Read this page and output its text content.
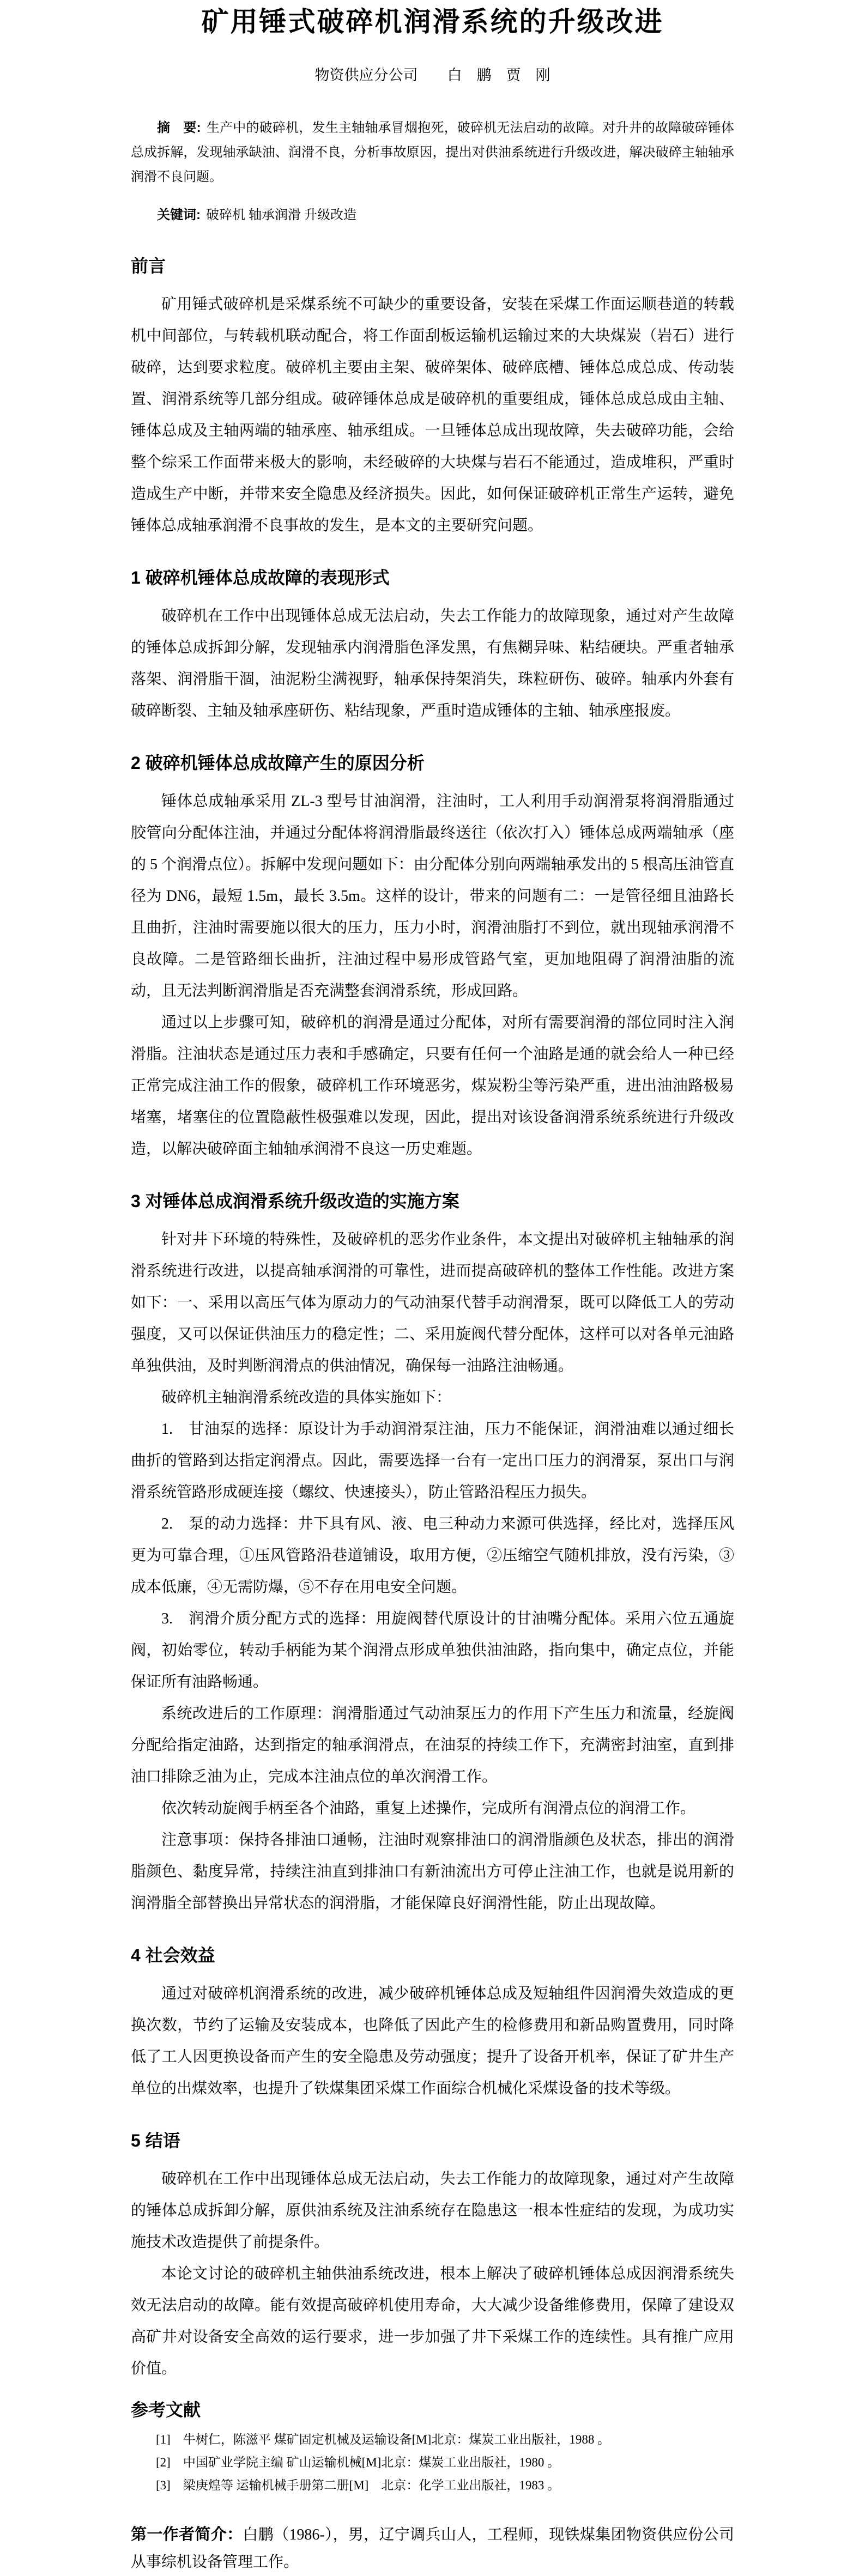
矿用锤式破碎机润滑系统的升级改进
物资供应分公司　　白　鹏　贾　刚

摘　要: 生产中的破碎机，发生主轴轴承冒烟抱死，破碎机无法启动的故障。对升井的故障破碎锤体总成拆解，发现轴承缺油、润滑不良，分析事故原因，提出对供油系统进行升级改进，解决破碎主轴轴承润滑不良问题。

关键词: 破碎机 轴承润滑 升级改造

前言

矿用锤式破碎机是采煤系统不可缺少的重要设备，安装在采煤工作面运顺巷道的转载机中间部位，与转载机联动配合，将工作面刮板运输机运输过来的大块煤炭（岩石）进行破碎，达到要求粒度。破碎机主要由主架、破碎架体、破碎底槽、锤体总成总成、传动装置、润滑系统等几部分组成。破碎锤体总成是破碎机的重要组成，锤体总成总成由主轴、锤体总成及主轴两端的轴承座、轴承组成。一旦锤体总成出现故障，失去破碎功能，会给整个综采工作面带来极大的影响，未经破碎的大块煤与岩石不能通过，造成堆积，严重时造成生产中断，并带来安全隐患及经济损失。因此，如何保证破碎机正常生产运转，避免锤体总成轴承润滑不良事故的发生，是本文的主要研究问题。

1 破碎机锤体总成故障的表现形式

破碎机在工作中出现锤体总成无法启动，失去工作能力的故障现象，通过对产生故障的锤体总成拆卸分解，发现轴承内润滑脂色泽发黑，有焦糊异味、粘结硬块。严重者轴承落架、润滑脂干涸，油泥粉尘满视野，轴承保持架消失，珠粒研伤、破碎。轴承内外套有破碎断裂、主轴及轴承座研伤、粘结现象，严重时造成锤体的主轴、轴承座报废。

2 破碎机锤体总成故障产生的原因分析

锤体总成轴承采用 ZL-3 型号甘油润滑，注油时，工人利用手动润滑泵将润滑脂通过胶管向分配体注油，并通过分配体将润滑脂最终送往（依次打入）锤体总成两端轴承（座的 5 个润滑点位）。拆解中发现问题如下：由分配体分别向两端轴承发出的 5 根高压油管直径为 DN6，最短 1.5m，最长 3.5m。这样的设计，带来的问题有二：一是管径细且油路长且曲折，注油时需要施以很大的压力，压力小时，润滑油脂打不到位，就出现轴承润滑不良故障。二是管路细长曲折，注油过程中易形成管路气室，更加地阻碍了润滑油脂的流动，且无法判断润滑脂是否充满整套润滑系统，形成回路。

通过以上步骤可知，破碎机的润滑是通过分配体，对所有需要润滑的部位同时注入润滑脂。注油状态是通过压力表和手感确定，只要有任何一个油路是通的就会给人一种已经正常完成注油工作的假象，破碎机工作环境恶劣，煤炭粉尘等污染严重，进出油油路极易堵塞，堵塞住的位置隐蔽性极强难以发现，因此，提出对该设备润滑系统系统进行升级改造，以解决破碎面主轴轴承润滑不良这一历史难题。

3 对锤体总成润滑系统升级改造的实施方案

针对井下环境的特殊性，及破碎机的恶劣作业条件，本文提出对破碎机主轴轴承的润滑系统进行改进，以提高轴承润滑的可靠性，进而提高破碎机的整体工作性能。改进方案如下：一、采用以高压气体为原动力的气动油泵代替手动润滑泵，既可以降低工人的劳动强度，又可以保证供油压力的稳定性；二、采用旋阀代替分配体，这样可以对各单元油路单独供油，及时判断润滑点的供油情况，确保每一油路注油畅通。

破碎机主轴润滑系统改造的具体实施如下：

1.　甘油泵的选择：原设计为手动润滑泵注油，压力不能保证，润滑油难以通过细长曲折的管路到达指定润滑点。因此，需要选择一台有一定出口压力的润滑泵，泵出口与润滑系统管路形成硬连接（螺纹、快速接头），防止管路沿程压力损失。

2.　泵的动力选择：井下具有风、液、电三种动力来源可供选择，经比对，选择压风更为可靠合理，①压风管路沿巷道铺设，取用方便，②压缩空气随机排放，没有污染，③成本低廉，④无需防爆，⑤不存在用电安全问题。

3.　润滑介质分配方式的选择：用旋阀替代原设计的甘油嘴分配体。采用六位五通旋阀，初始零位，转动手柄能为某个润滑点形成单独供油油路，指向集中，确定点位，并能保证所有油路畅通。

系统改进后的工作原理：润滑脂通过气动油泵压力的作用下产生压力和流量，经旋阀分配给指定油路，达到指定的轴承润滑点，在油泵的持续工作下，充满密封油室，直到排油口排除乏油为止，完成本注油点位的单次润滑工作。

依次转动旋阀手柄至各个油路，重复上述操作，完成所有润滑点位的润滑工作。

注意事项：保持各排油口通畅，注油时观察排油口的润滑脂颜色及状态，排出的润滑脂颜色、黏度异常，持续注油直到排油口有新油流出方可停止注油工作，也就是说用新的润滑脂全部替换出异常状态的润滑脂，才能保障良好润滑性能，防止出现故障。

4 社会效益

通过对破碎机润滑系统的改进，减少破碎机锤体总成及短轴组件因润滑失效造成的更换次数，节约了运输及安装成本，也降低了因此产生的检修费用和新品购置费用，同时降低了工人因更换设备而产生的安全隐患及劳动强度；提升了设备开机率，保证了矿井生产单位的出煤效率，也提升了铁煤集团采煤工作面综合机械化采煤设备的技术等级。

5 结语

破碎机在工作中出现锤体总成无法启动，失去工作能力的故障现象，通过对产生故障的锤体总成拆卸分解，原供油系统及注油系统存在隐患这一根本性症结的发现，为成功实施技术改造提供了前提条件。

本论文讨论的破碎机主轴供油系统改进，根本上解决了破碎机锤体总成因润滑系统失效无法启动的故障。能有效提高破碎机使用寿命，大大减少设备维修费用，保障了建设双高矿井对设备安全高效的运行要求，进一步加强了井下采煤工作的连续性。具有推广应用价值。

参考文献

[1]　牛树仁，陈滋平 煤矿固定机械及运输设备[M]北京：煤炭工业出版社，1988 。

[2]　中国矿业学院主编 矿山运输机械[M]北京：煤炭工业出版社，1980 。

[3]　梁庚煌等 运输机械手册第二册[M]　北京：化学工业出版社，1983 。

第一作者简介：白鹏（1986-），男，辽宁调兵山人，工程师，现铁煤集团物资供应份公司从事综机设备管理工作。
